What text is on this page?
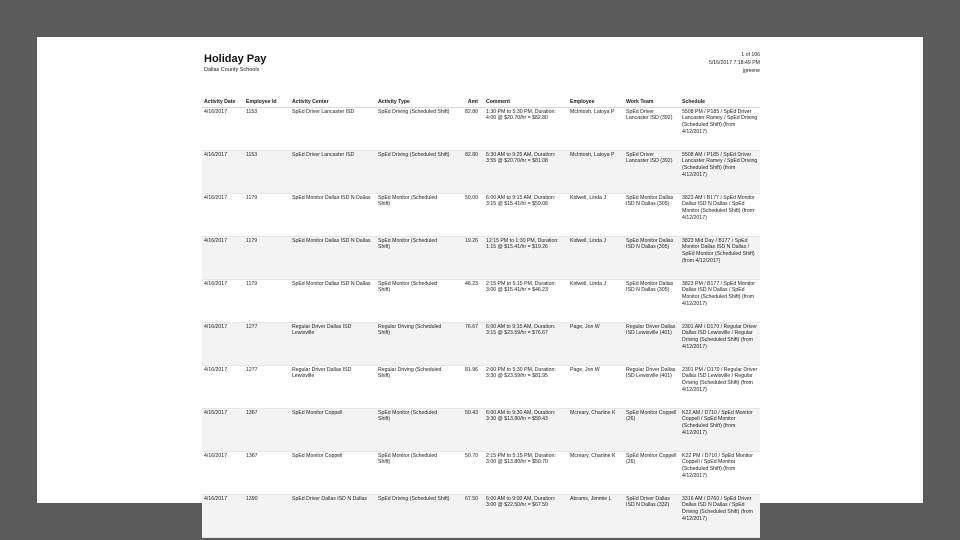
Holiday Pay
Dallas County Schools
1 of 106
5/16/2017 7:18:49 PM
jgreene
Activity Date	Employee Id	Activity Center	Activity Type	Amt	Comment	Employee	Work Team	Schedule
4/16/2017	1153	SpEd Driver Lancaster ISD	SpEd Driving (Scheduled Shift)	82.80	1:30 PM to 5:30 PM, Duration: 4:00 @ $20.70/hr = $82.80	McIntosh, Latoya P	SpEd Driver Lancaster ISD (392)	5508 PM / P185 / SpEd Driver Lancaster Ramey / SpEd Driving (Scheduled Shift) (from 4/12/2017)
4/16/2017	1153	SpEd Driver Lancaster ISD	SpEd Driving (Scheduled Shift)	82.80	5:30 AM to 9:25 AM, Duration: 3:55 @ $20.70/hr = $81.08	McIntosh, Latoya P	SpEd Driver Lancaster ISD (392)	5508 AM / P185 / SpEd Driver Lancaster Ramey / SpEd Driving (Scheduled Shift) (from 4/12/2017)
4/16/2017	1179	SpEd Monitor Dallas ISD N Dallas	SpEd Monitor (Scheduled Shift)	50.00	6:00 AM to 9:15 AM, Duration: 3:15 @ $15.41/hr = $50.08	Kidwell, Linda J	SpEd Monitor Dallas ISD N Dallas (305)	3823 AM / B177 / SpEd Monitor Dallas ISD N Dallas / SpEd Monitor (Scheduled Shift) (from 4/12/2017)
4/16/2017	1179	SpEd Monitor Dallas ISD N Dallas	SpEd Monitor (Scheduled Shift)	19.26	12:15 PM to 1:30 PM, Duration: 1:15 @ $15.41/hr = $19.26	Kidwell, Linda J	SpEd Monitor Dallas ISD N Dallas (305)	3823 Mid Day / B177 / SpEd Monitor Dallas ISD N Dallas / SpEd Monitor (Scheduled Shift) (from 4/12/2017)
4/16/2017	1179	SpEd Monitor Dallas ISD N Dallas	SpEd Monitor (Scheduled Shift)	46.23	2:15 PM to 5:15 PM, Duration: 3:00 @ $15.41/hr = $46.23	Kidwell, Linda J	SpEd Monitor Dallas ISD N Dallas (305)	3823 PM / B177 / SpEd Monitor Dallas ISD N Dallas / SpEd Monitor (Scheduled Shift) (from 4/12/2017)
4/16/2017	1277	Regular Driver Dallas ISD Lewisville	Regular Driving (Scheduled Shift)	76.67	6:00 AM to 9:15 AM, Duration: 3:15 @ $23.59/hr = $76.67	Page, Jon W	Regular Driver Dallas ISD Lewisville (401)	2301 AM / D170 / Regular Driver Dallas ISD Lewisville / Regular Driving (Scheduled Shift) (from 4/12/2017)
4/16/2017	1277	Regular Driver Dallas ISD Lewisville	Regular Driving (Scheduled Shift)	81.96	2:00 PM to 5:30 PM, Duration: 3:30 @ $23.59/hr = $81.95	Page, Jon W	Regular Driver Dallas ISD Lewisville (401)	2301 PM / D170 / Regular Driver Dallas ISD Lewisville / Regular Driving (Scheduled Shift) (from 4/12/2017)
4/16/2017	1367	SpEd Monitor Coppell	SpEd Monitor (Scheduled Shift)	50.43	6:00 AM to 9:30 AM, Duration: 3:30 @ $13.80/hr = $50.43	Mcreary, Charline K	SpEd Monitor Coppell (26)	K22 AM / D710 / SpEd Monitor Coppell / SpEd Monitor (Scheduled Shift) (from 4/12/2017)
4/16/2017	1367	SpEd Monitor Coppell	SpEd Monitor (Scheduled Shift)	50.70	2:15 PM to 5:15 PM, Duration: 3:00 @ $13.80/hr = $50.70	Mcreary, Charline K	SpEd Monitor Coppell (26)	K22 PM / D710 / SpEd Monitor Coppell / SpEd Monitor (Scheduled Shift) (from 4/12/2017)
4/16/2017	1390	SpEd Driver Dallas ISD N Dallas	SpEd Driving (Scheduled Shift)	67.50	6:00 AM to 9:00 AM, Duration: 3:00 @ $22.50/hr = $67.50	Abrams, Jimmie L	SpEd Driver Dallas ISD N Dallas (332)	3316 AM / D760 / SpEd Driver Dallas ISD N Dallas / SpEd Driving (Scheduled Shift) (from 4/12/2017)
